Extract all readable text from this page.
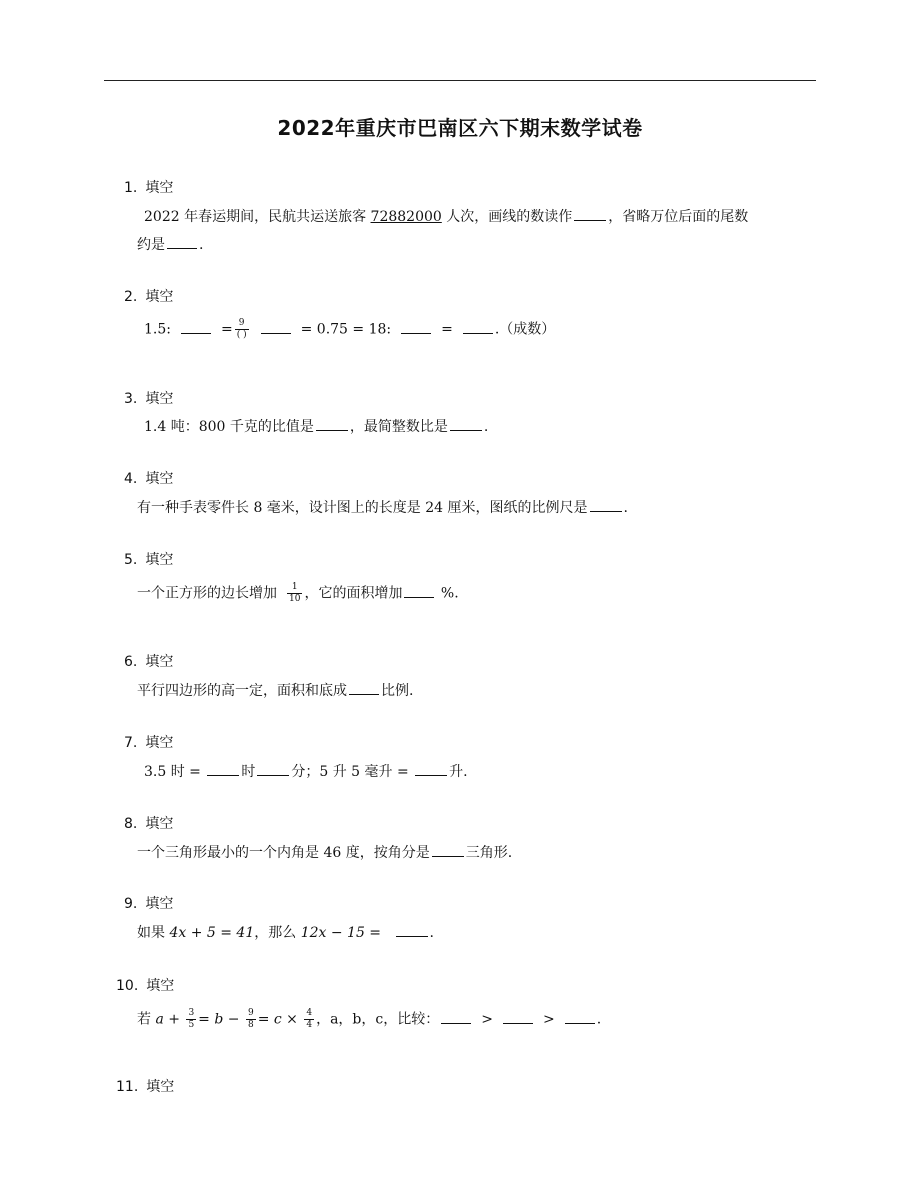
2022年重庆市巴南区六下期末数学试卷
1. 填空
2022 年春运期间，民航共运送旅客 72882000 人次，画线的数读作	，省略万位后面的尾数
约是 .
2. 填空
1.5:	= $\frac{9}{( )}$	= 0.75 = 18:	=	.（成数）
3. 填空
1.4 吨：800 千克的比值是	，最简整数比是	.
4. 填空
有一种手表零件长 8 毫米，设计图上的长度是 24 厘米，图纸的比例尺是	.
5. 填空
一个正方形的边长增加 $\frac{1}{10}$ ，它的面积增加 %.
6. 填空
平行四边形的高一定，面积和底成 比例.
7. 填空
3.5 时 =	时	分；5 升 5 毫升 =	升.
8. 填空
一个三角形最小的一个内角是 46 度，按角分是	三角形.
9. 填空
如果 4x + 5 = 41，那么 12x − 15 =	.
10. 填空
若 $a + \frac{3}{5} = b - \frac{9}{8} = c \times \frac{4}{4}$ ，a，b，c，比较：	>	>	.
11. 填空
